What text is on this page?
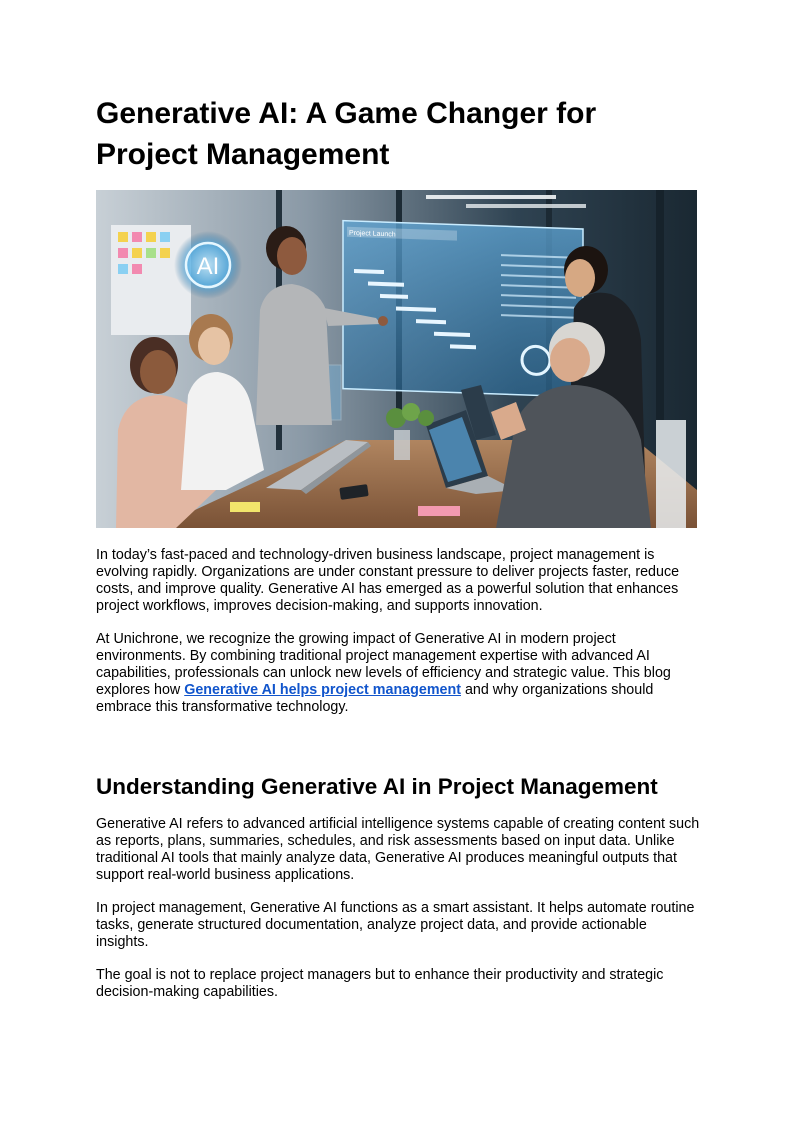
Generative AI: A Game Changer for Project Management
AI
Project Launch

In today’s fast-paced and technology-driven business landscape, project management is evolving rapidly. Organizations are under constant pressure to deliver projects faster, reduce costs, and improve quality. Generative AI has emerged as a powerful solution that enhances project workflows, improves decision-making, and supports innovation.

At Unichrone, we recognize the growing impact of Generative AI in modern project environments. By combining traditional project management expertise with advanced AI capabilities, professionals can unlock new levels of efficiency and strategic value. This blog explores how Generative AI helps project management and why organizations should embrace this transformative technology.

Understanding Generative AI in Project Management

Generative AI refers to advanced artificial intelligence systems capable of creating content such as reports, plans, summaries, schedules, and risk assessments based on input data. Unlike traditional AI tools that mainly analyze data, Generative AI produces meaningful outputs that support real-world business applications.

In project management, Generative AI functions as a smart assistant. It helps automate routine tasks, generate structured documentation, analyze project data, and provide actionable insights.

The goal is not to replace project managers but to enhance their productivity and strategic decision-making capabilities.
